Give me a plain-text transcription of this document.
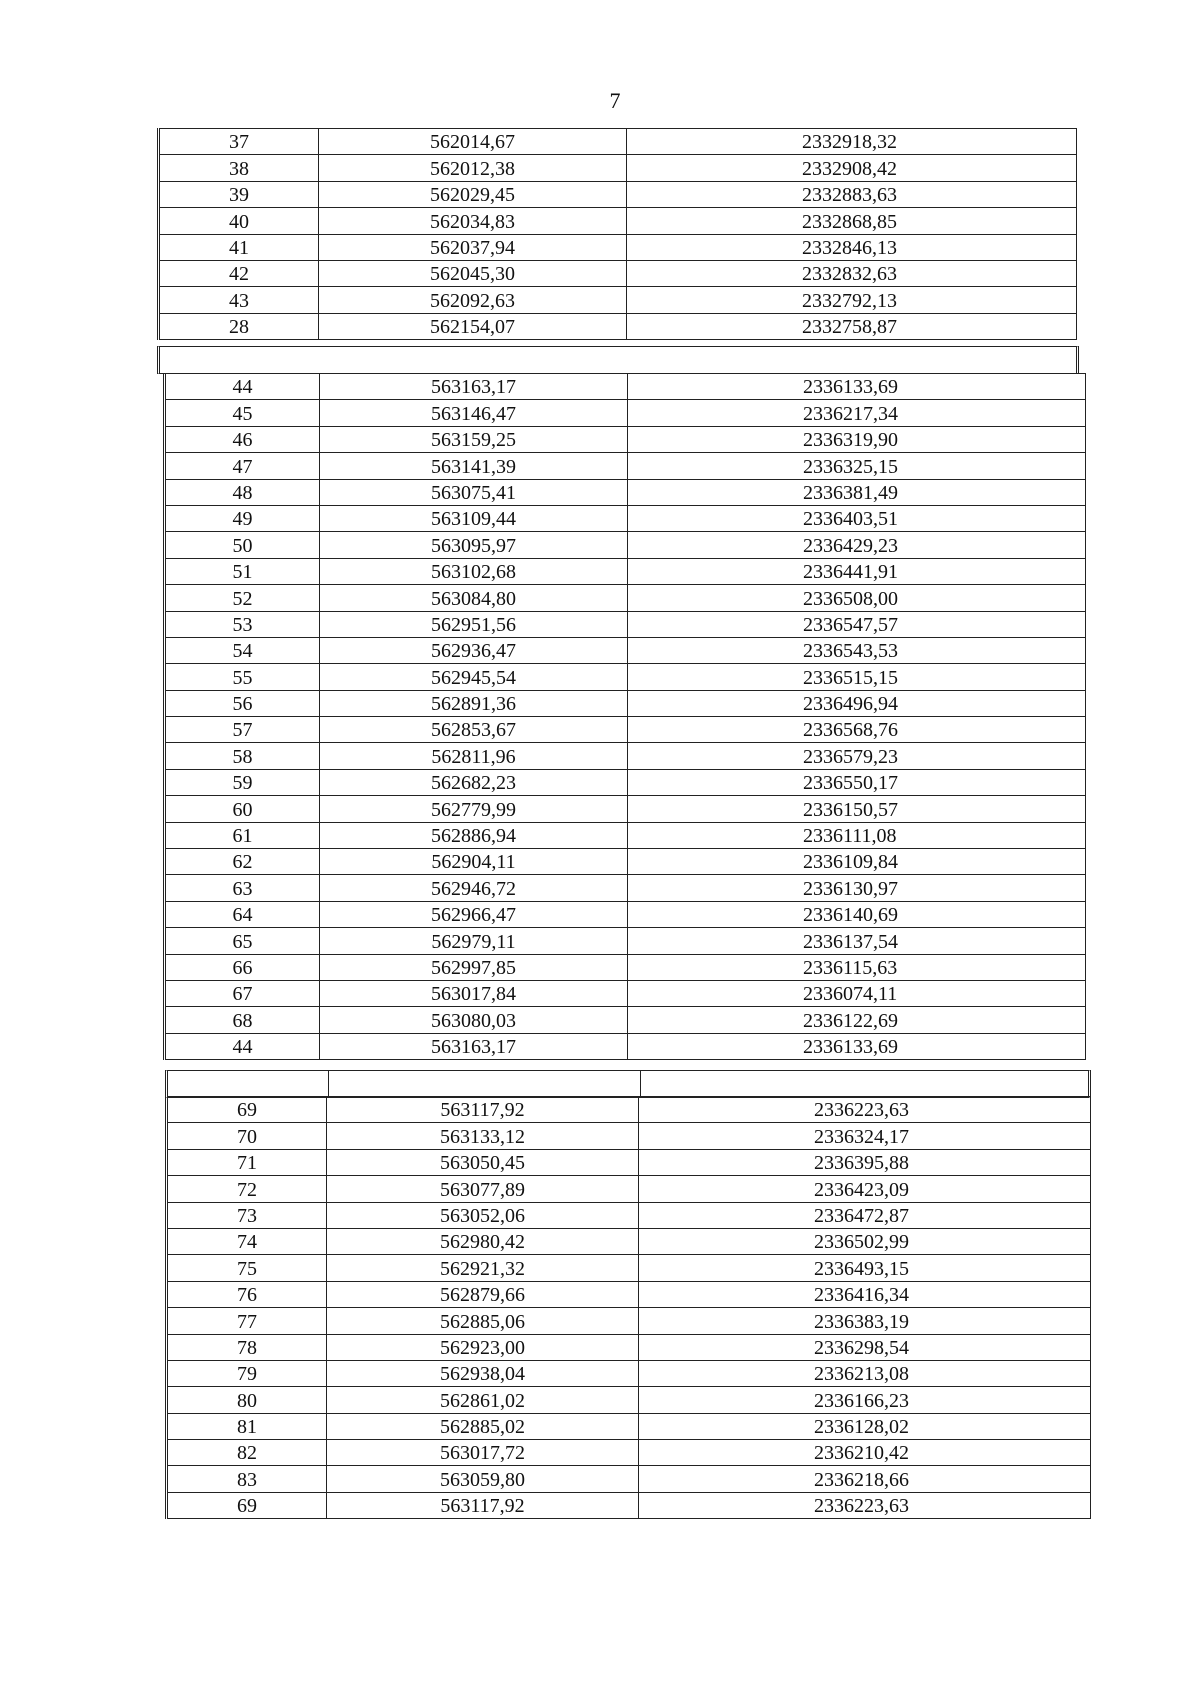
7
37	562014,67	2332918,32
38	562012,38	2332908,42
39	562029,45	2332883,63
40	562034,83	2332868,85
41	562037,94	2332846,13
42	562045,30	2332832,63
43	562092,63	2332792,13
28	562154,07	2332758,87
44	563163,17	2336133,69
45	563146,47	2336217,34
46	563159,25	2336319,90
47	563141,39	2336325,15
48	563075,41	2336381,49
49	563109,44	2336403,51
50	563095,97	2336429,23
51	563102,68	2336441,91
52	563084,80	2336508,00
53	562951,56	2336547,57
54	562936,47	2336543,53
55	562945,54	2336515,15
56	562891,36	2336496,94
57	562853,67	2336568,76
58	562811,96	2336579,23
59	562682,23	2336550,17
60	562779,99	2336150,57
61	562886,94	2336111,08
62	562904,11	2336109,84
63	562946,72	2336130,97
64	562966,47	2336140,69
65	562979,11	2336137,54
66	562997,85	2336115,63
67	563017,84	2336074,11
68	563080,03	2336122,69
44	563163,17	2336133,69
69	563117,92	2336223,63
70	563133,12	2336324,17
71	563050,45	2336395,88
72	563077,89	2336423,09
73	563052,06	2336472,87
74	562980,42	2336502,99
75	562921,32	2336493,15
76	562879,66	2336416,34
77	562885,06	2336383,19
78	562923,00	2336298,54
79	562938,04	2336213,08
80	562861,02	2336166,23
81	562885,02	2336128,02
82	563017,72	2336210,42
83	563059,80	2336218,66
69	563117,92	2336223,63
